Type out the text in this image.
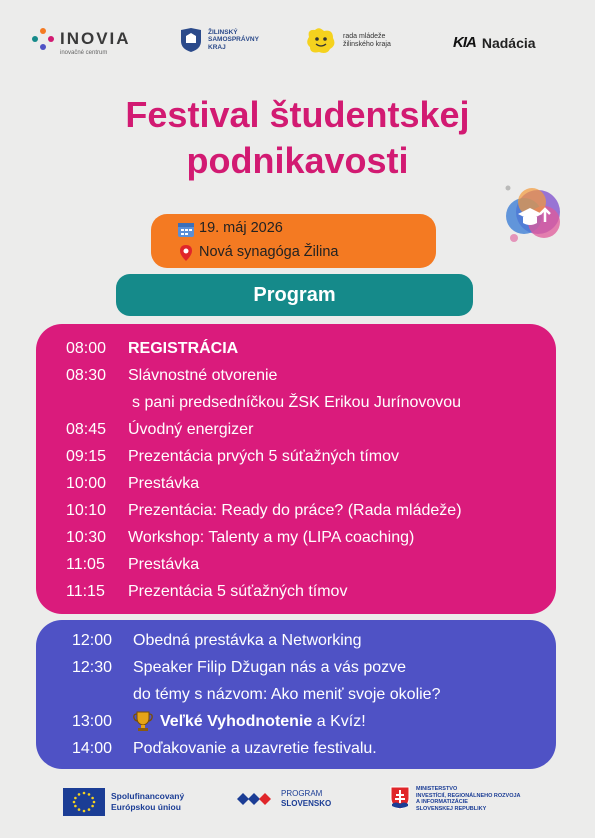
INOVIA
inovačné centrum
ŽILINSKÝ
SAMOSPRÁVNY
KRAJ
rada mládeže
žilinského kraja	KIA Nadácia
Festival študentskej
podnikavosti
19. máj 2026
Nová synagóga Žilina
Program
08:00 REGISTRÁCIA
08:30 Slávnostné otvorenie
s pani predsedníčkou ŽSK Erikou Jurínovovou
08:45 Úvodný energizer
09:15 Prezentácia prvých 5 súťažných tímov
10:00 Prestávka
10:10 Prezentácia: Ready do práce? (Rada mládeže)
10:30 Workshop: Talenty a my (LIPA coaching)
11:05 Prestávka
11:15 Prezentácia 5 súťažných tímov
12:00 Obedná prestávka a Networking
12:30 Speaker Filip Džugan nás a vás pozve
do témy s názvom: Ako meniť svoje okolie?
13:00	Veľké Vyhodnotenie a Kvíz!
14:00 Poďakovanie a uzavretie festivalu.
Spolufinancovaný
Európskou úniou
PROGRAM
SLOVENSKO
MINISTERSTVO
INVESTÍCIÍ, REGIONÁLNEHO ROZVOJA
A INFORMATIZÁCIE
SLOVENSKEJ REPUBLIKY
